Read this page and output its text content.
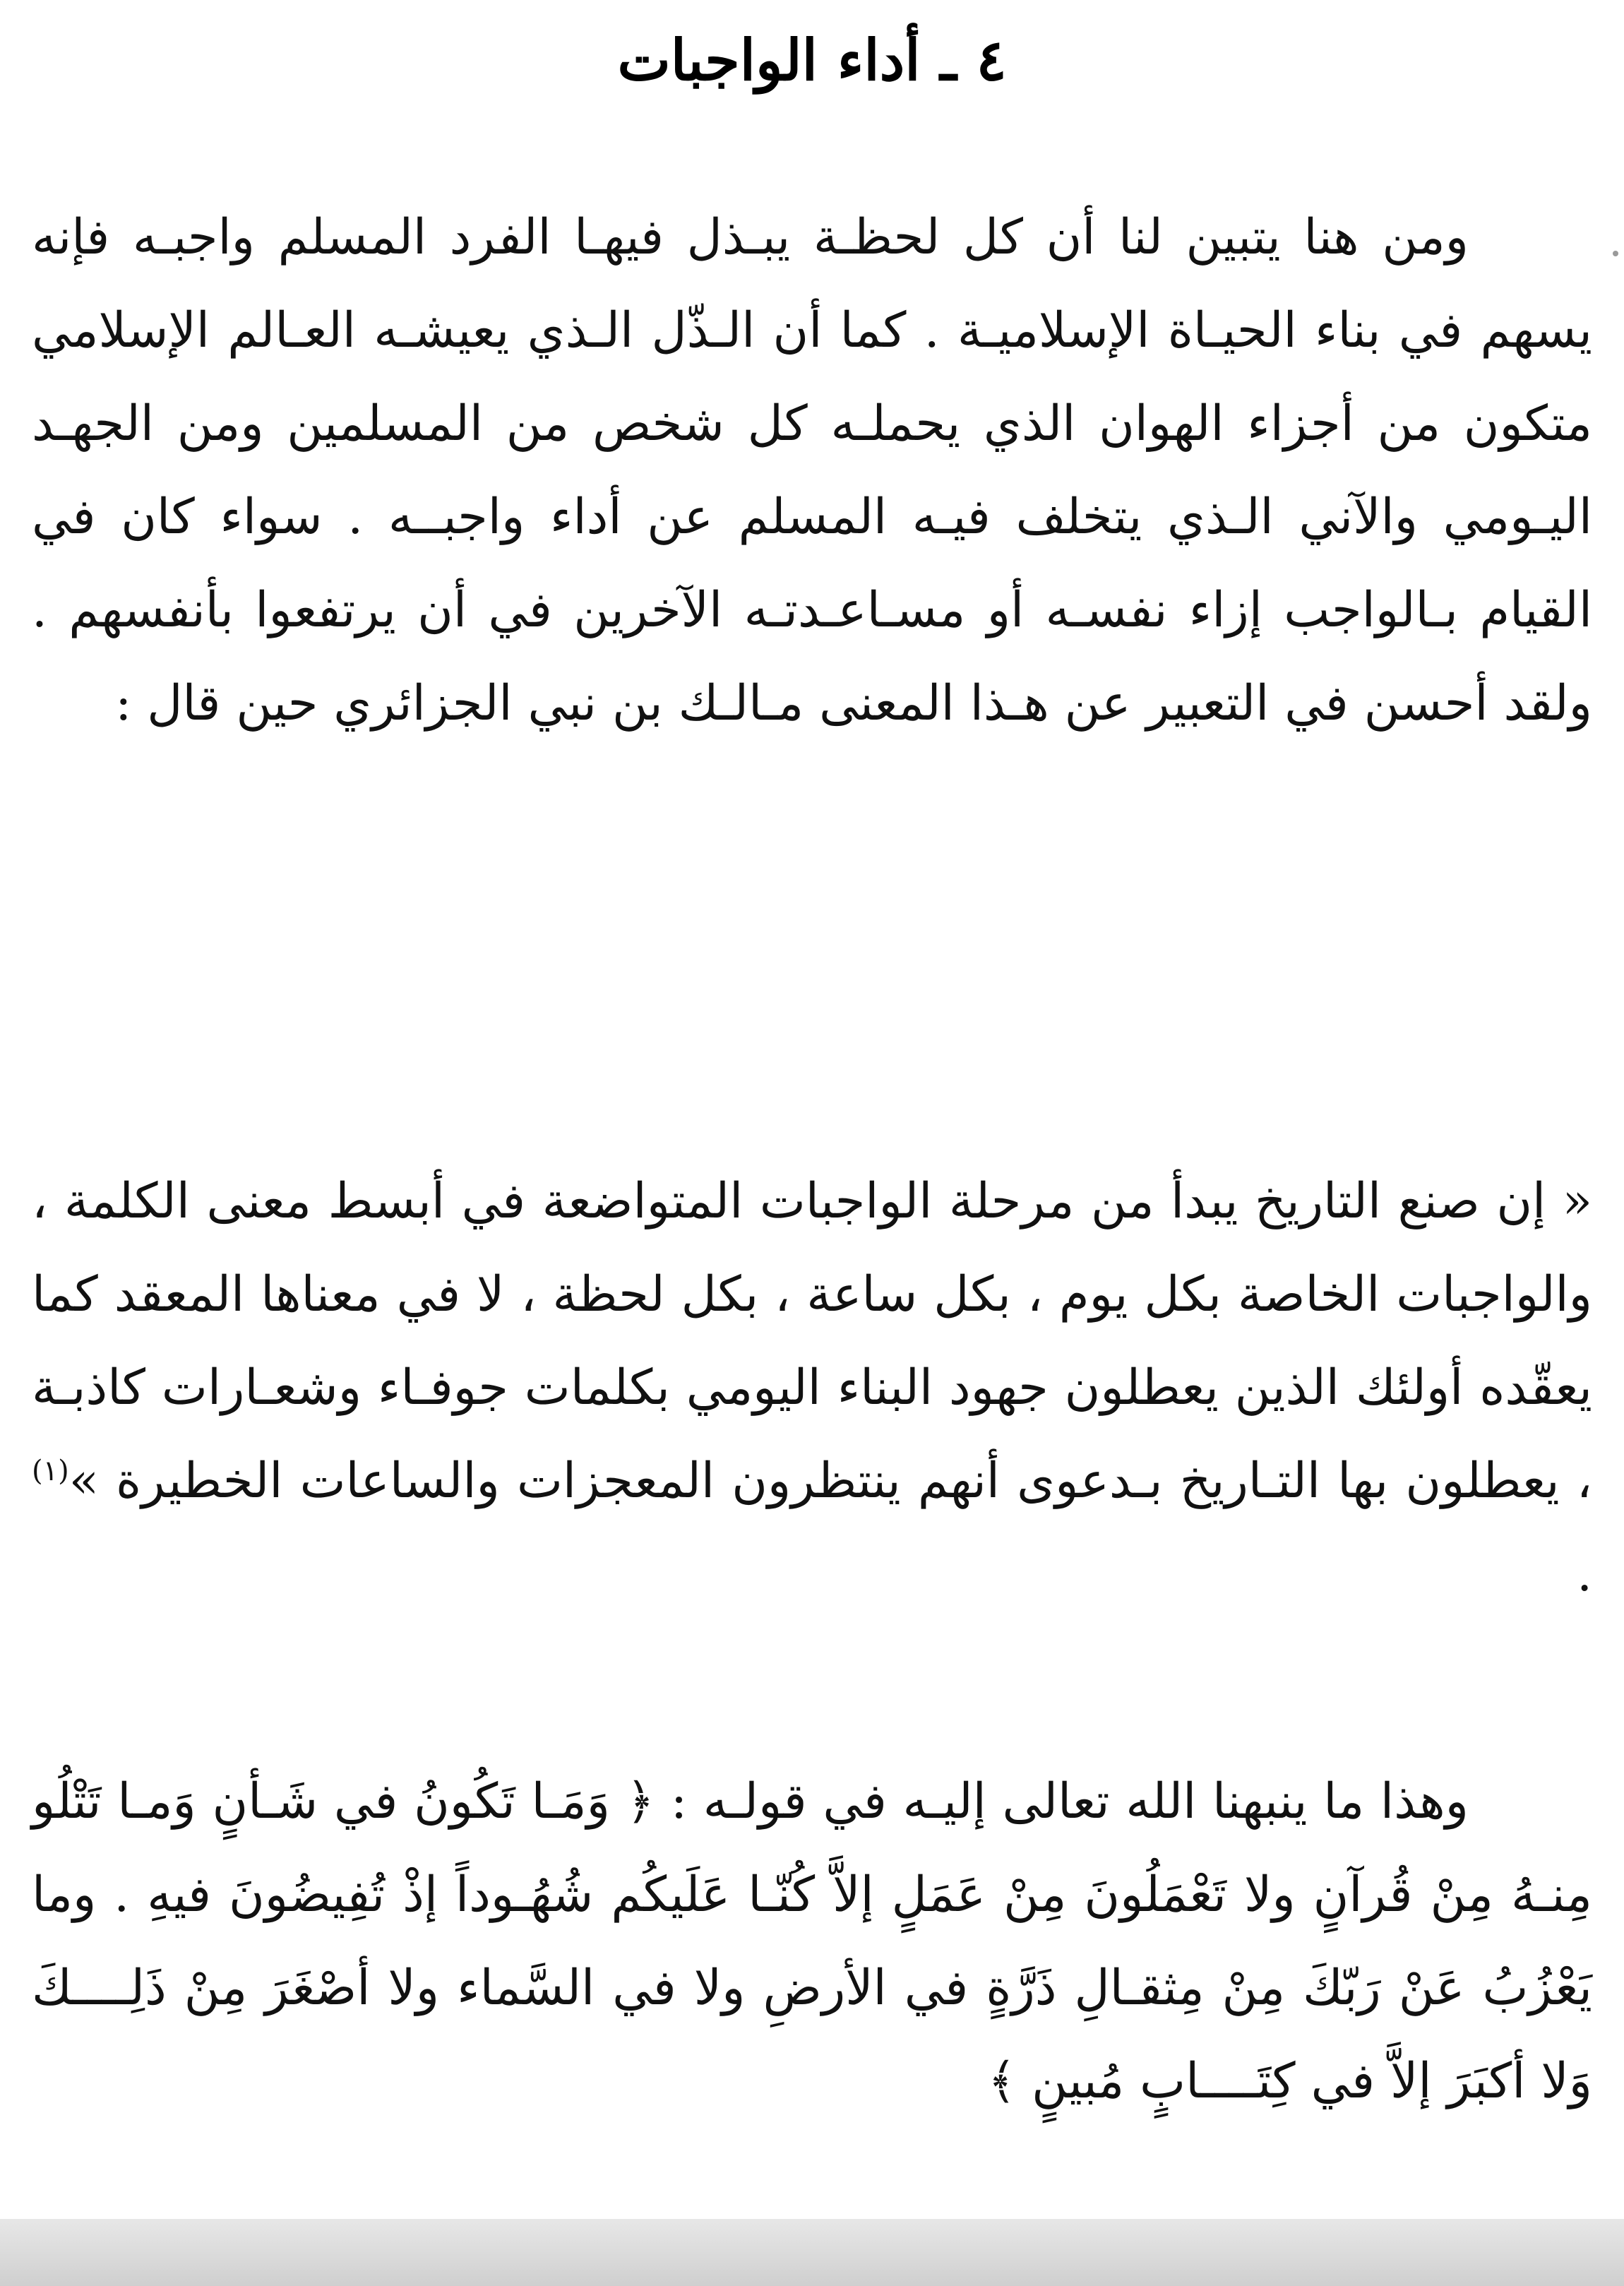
٤ ـ أداء الواجبات

ومن هنا يتبين لنا أن كل لحظـة يبـذل فيهـا الفرد المسلم واجبـه فإنه يسهم في بناء الحيـاة الإسلاميـة . كما أن الـذّل الـذي يعيشـه العـالم الإسلامي متكون من أجزاء الهوان الذي يحملـه كل شخص من المسلمين ومن الجهـد اليـومي والآني الـذي يتخلف فيـه المسلم عن أداء واجبــه . سواء كان في القيام بـالواجب إزاء نفسـه أو مسـاعـدتـه الآخرين في أن يرتفعوا بأنفسهم . ولقد أحسن في التعبير عن هـذا المعنى مـالـك بن نبي الجزائري حين قال :

« إن صنع التاريخ يبدأ من مرحلة الواجبات المتواضعة في أبسط معنى الكلمة ، والواجبات الخاصة بكل يوم ، بكل ساعة ، بكل لحظة ، لا في معناها المعقد كما يعقّده أولئك الذين يعطلون جهود البناء اليومي بكلمات جوفـاء وشعـارات كاذبـة ، يعطلون بها التـاريخ بـدعوى أنهم ينتظرون المعجزات والساعات الخطيرة »$^{(١)}$ .

وهذا ما ينبهنا الله تعالى إليـه في قولـه : ﴿ وَمَـا تَكُونُ في شَـأنٍ وَمـا تَتْلُو مِنـهُ مِنْ قُرآنٍ ولا تَعْمَلُونَ مِنْ عَمَلٍ إلاَّ كُنّـا عَلَيكُم شُهُـوداً إذْ تُفِيضُونَ فيهِ . وما يَعْزُبُ عَنْ رَبّكَ مِنْ مِثقـالِ ذَرَّةٍ في الأرضِ ولا في السَّماء ولا أصْغَرَ مِنْ ذَلِــــكَ وَلا أكبَرَ إلاَّ في كِتَــــابٍ مُبينٍ ﴾
